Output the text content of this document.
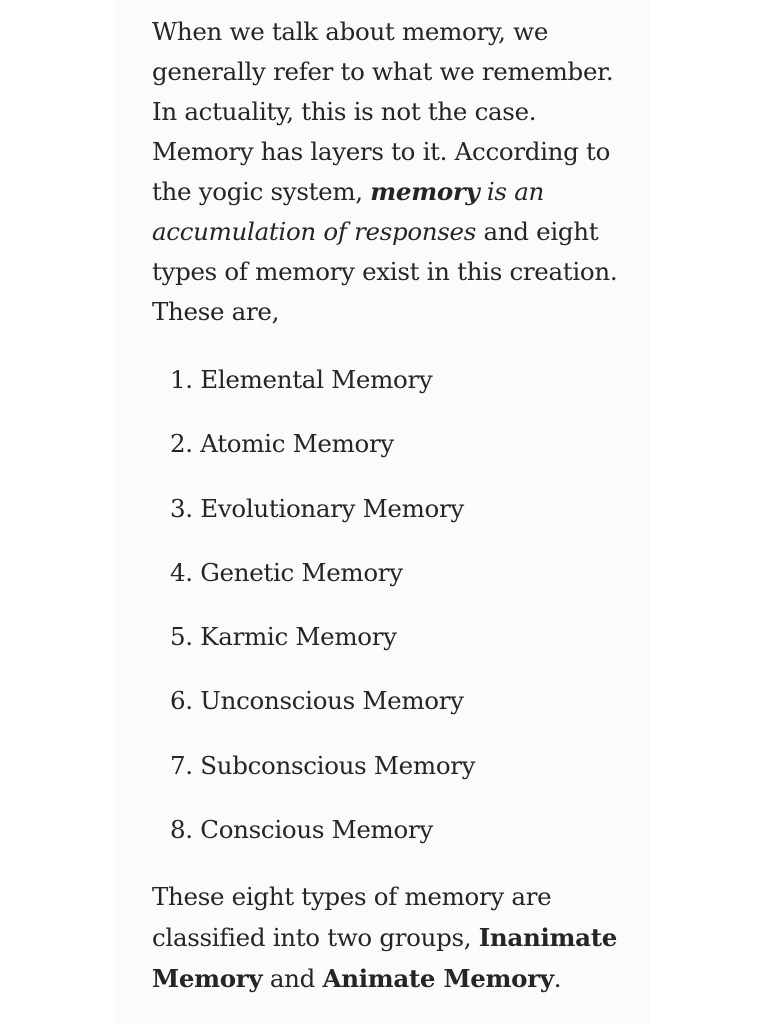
When we talk about memory, we generally refer to what we remember. In actuality, this is not the case. Memory has layers to it. According to the yogic system, memory is an accumulation of responses and eight types of memory exist in this creation. These are,

1. Elemental Memory
2. Atomic Memory
3. Evolutionary Memory
4. Genetic Memory
5. Karmic Memory
6. Unconscious Memory
7. Subconscious Memory
8. Conscious Memory

These eight types of memory are classified into two groups, Inanimate Memory and Animate Memory.
